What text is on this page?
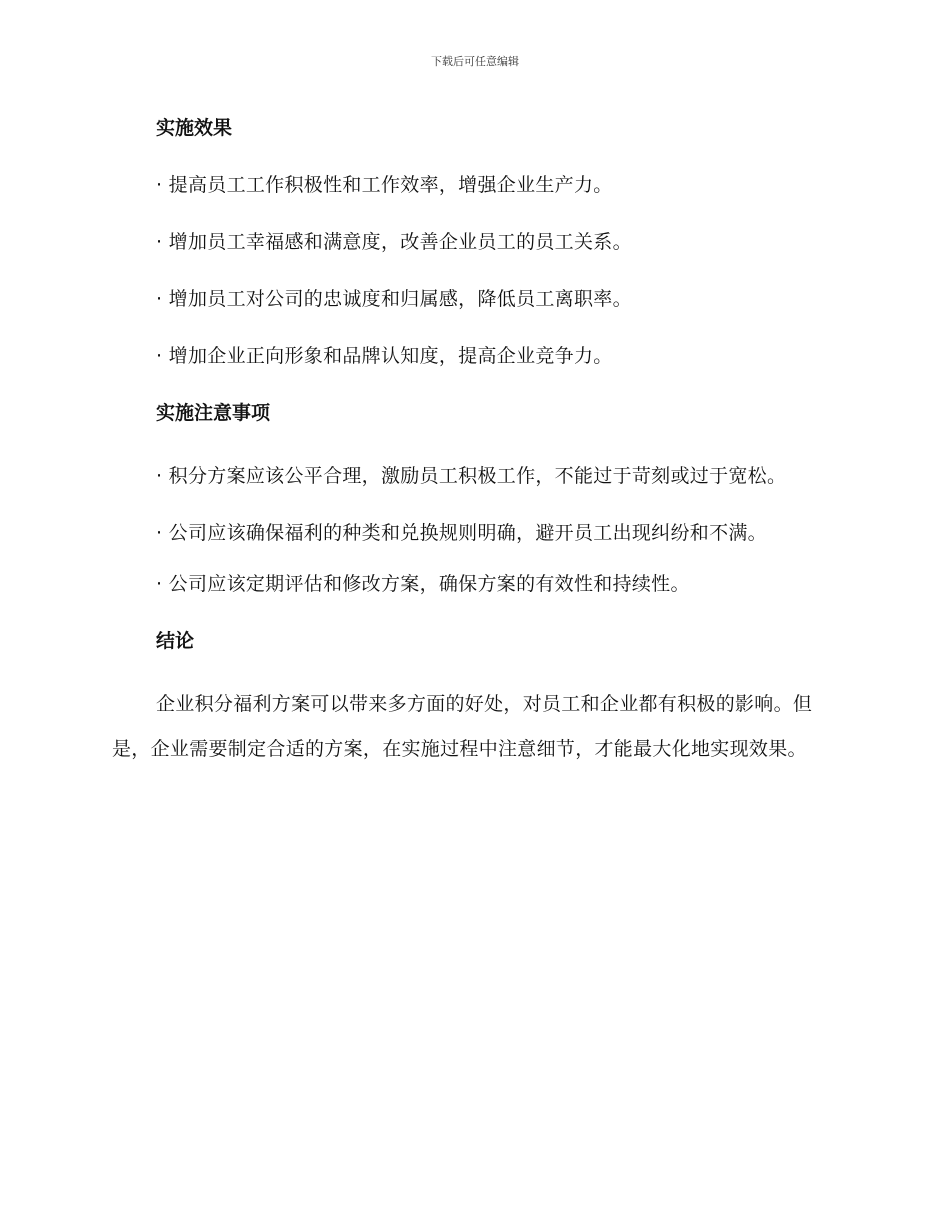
下载后可任意编辑
实施效果
· 提高员工工作积极性和工作效率，增强企业生产力。
· 增加员工幸福感和满意度，改善企业员工的员工关系。
· 增加员工对公司的忠诚度和归属感，降低员工离职率。
· 增加企业正向形象和品牌认知度，提高企业竞争力。
实施注意事项
· 积分方案应该公平合理，激励员工积极工作，不能过于苛刻或过于宽松。
· 公司应该确保福利的种类和兑换规则明确，避开员工出现纠纷和不满。
· 公司应该定期评估和修改方案，确保方案的有效性和持续性。
结论
企业积分福利方案可以带来多方面的好处，对员工和企业都有积极的影响。但是，企业需要制定合适的方案，在实施过程中注意细节，才能最大化地实现效果。
